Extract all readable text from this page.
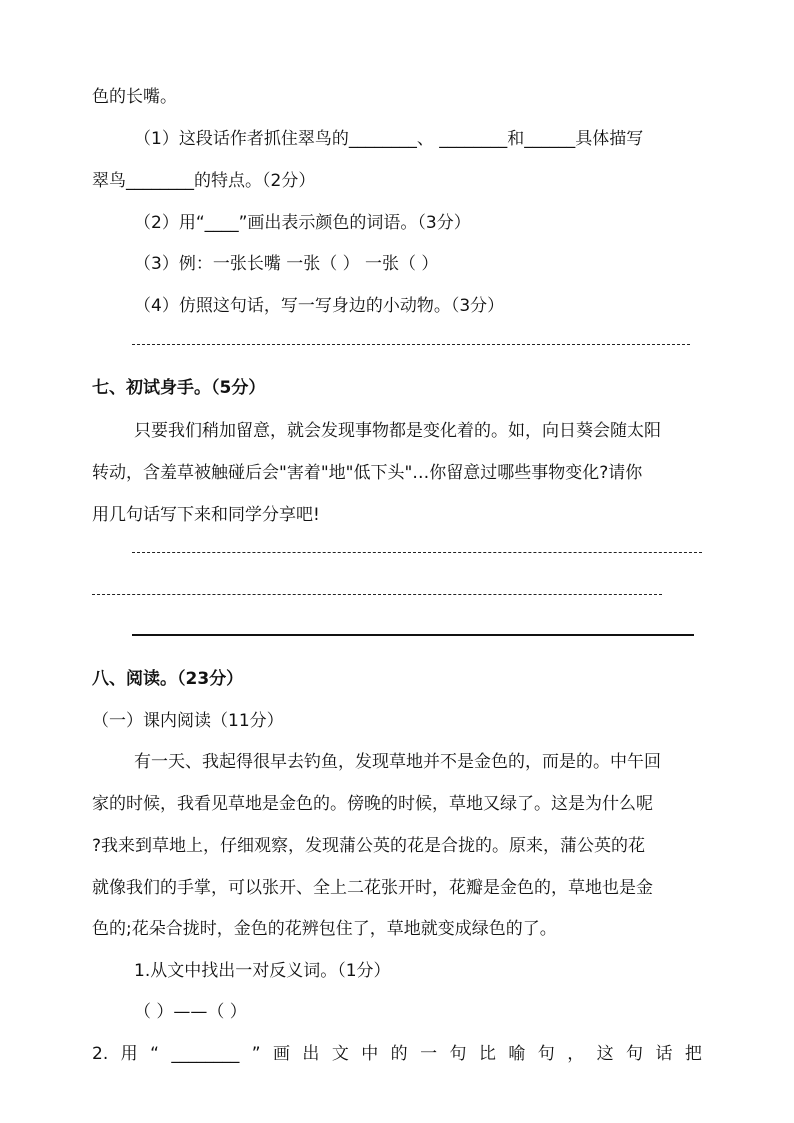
色的长嘴。
（1）这段话作者抓住翠鸟的________、 ________和______具体描写
翠鸟________的特点。（2分）
（2）用“____”画出表示颜色的词语。（3分）
（3）例：一张长嘴 一张（ ） 一张（ ）
（4）仿照这句话，写一写身边的小动物。（3分）
七、初试身手。（5分）
只要我们稍加留意，就会发现事物都是变化着的。如，向日葵会随太阳
转动，含羞草被触碰后会"害着"地"低下头"…你留意过哪些事物变化?请你
用几句话写下来和同学分享吧!
八、阅读。（23分）
（一）课内阅读（11分）
有一天、我起得很早去钓鱼，发现草地并不是金色的，而是的。中午回
家的时候，我看见草地是金色的。傍晚的时候，草地又绿了。这是为什么呢
?我来到草地上，仔细观察，发现蒲公英的花是合拢的。原来，蒲公英的花
就像我们的手掌，可以张开、全上二花张开时，花瓣是金色的，草地也是金
色的;花朵合拢时，金色的花辨包住了，草地就变成绿色的了。
1.从文中找出一对反义词。（1分）
（ ）——（ ）
2. 用 “ ________ ” 画 出 文 中 的 一 句 比 喻 句 ， 这 句 话 把
